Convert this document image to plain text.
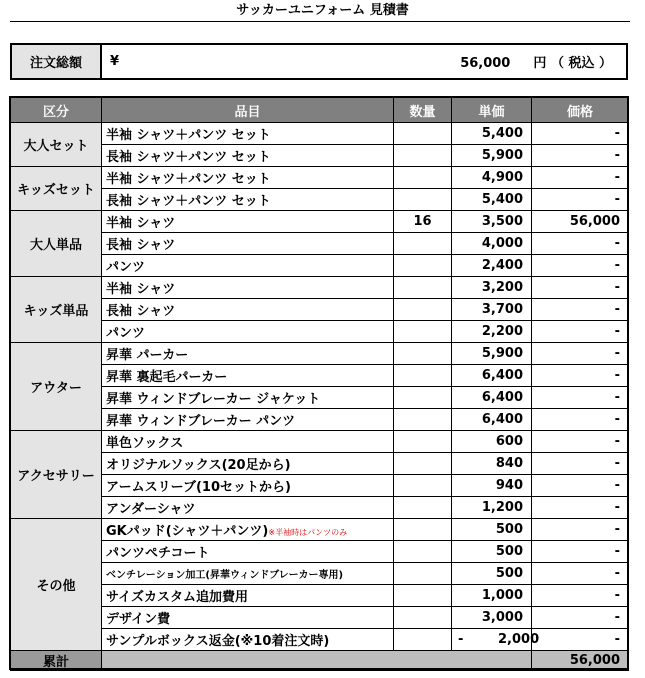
サッカーユニフォーム 見積書
注文総額	¥	56,000 円 （ 税込 ）
区分	品目	数量	単価	価格
大人セット	半袖 シャツ＋パンツ セット		5,400	-
	長袖 シャツ＋パンツ セット		5,900	-
キッズセット	半袖 シャツ＋パンツ セット		4,900	-
	長袖 シャツ＋パンツ セット		5,400	-
大人単品	半袖 シャツ	16	3,500	56,000
	長袖 シャツ		4,000	-
	パンツ		2,400	-
キッズ単品	半袖 シャツ		3,200	-
	長袖 シャツ		3,700	-
	パンツ		2,200	-
アウター	昇華 パーカー		5,900	-
	昇華 裏起毛パーカー		6,400	-
	昇華 ウィンドブレーカー ジャケット		6,400	-
	昇華 ウィンドブレーカー パンツ		6,400	-
アクセサリー	単色ソックス		600	-
	オリジナルソックス(20足から)		840	-
	アームスリーブ(10セットから)		940	-
	アンダーシャツ		1,200	-
その他	GKパッド(シャツ＋パンツ)※半袖時はパンツのみ		500	-
	パンツペチコート		500	-
	ベンチレーション加工(昇華ウィンドブレーカー専用)		500	-
	サイズカスタム追加費用		1,000	-
	デザイン費		3,000	-
	サンプルボックス返金(※10着注文時)		- 2,000	-
累計				56,000
